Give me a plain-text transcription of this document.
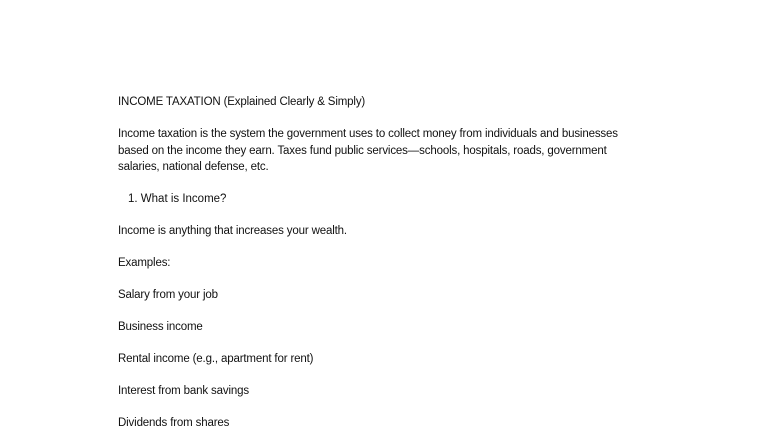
INCOME TAXATION (Explained Clearly & Simply)
Income taxation is the system the government uses to collect money from individuals and businesses
based on the income they earn. Taxes fund public services—schools, hospitals, roads, government
salaries, national defense, etc.
1. What is Income?
Income is anything that increases your wealth.
Examples:
Salary from your job
Business income
Rental income (e.g., apartment for rent)
Interest from bank savings
Dividends from shares
